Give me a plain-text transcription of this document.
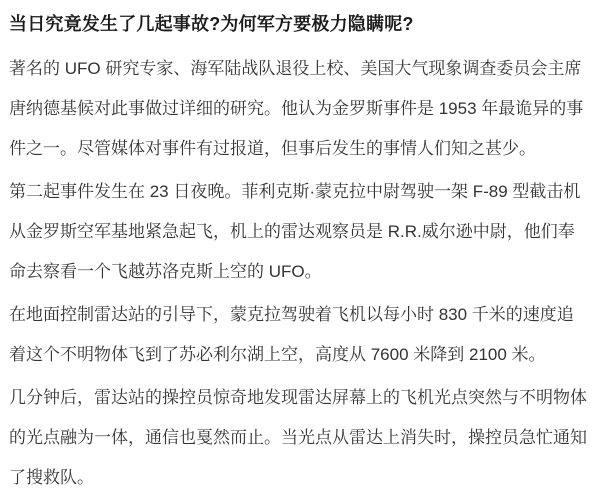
当日究竟发生了几起事故?为何军方要极力隐瞒呢?

著名的 UFO 研究专家、海军陆战队退役上校、美国大气现象调查委员会主席唐纳德基候对此事做过详细的研究。他认为金罗斯事件是 1953 年最诡异的事件之一。尽管媒体对事件有过报道，但事后发生的事情人们知之甚少。

第二起事件发生在 23 日夜晚。菲利克斯·蒙克拉中尉驾驶一架 F-89 型截击机从金罗斯空军基地紧急起飞，机上的雷达观察员是 R.R.威尔逊中尉，他们奉命去察看一个飞越苏洛克斯上空的 UFO。

在地面控制雷达站的引导下，蒙克拉驾驶着飞机以每小时 830 千米的速度追着这个不明物体飞到了苏必利尔湖上空，高度从 7600 米降到 2100 米。

几分钟后，雷达站的操控员惊奇地发现雷达屏幕上的飞机光点突然与不明物体的光点融为一体，通信也戛然而止。当光点从雷达上消失时，操控员急忙通知了搜救队。
